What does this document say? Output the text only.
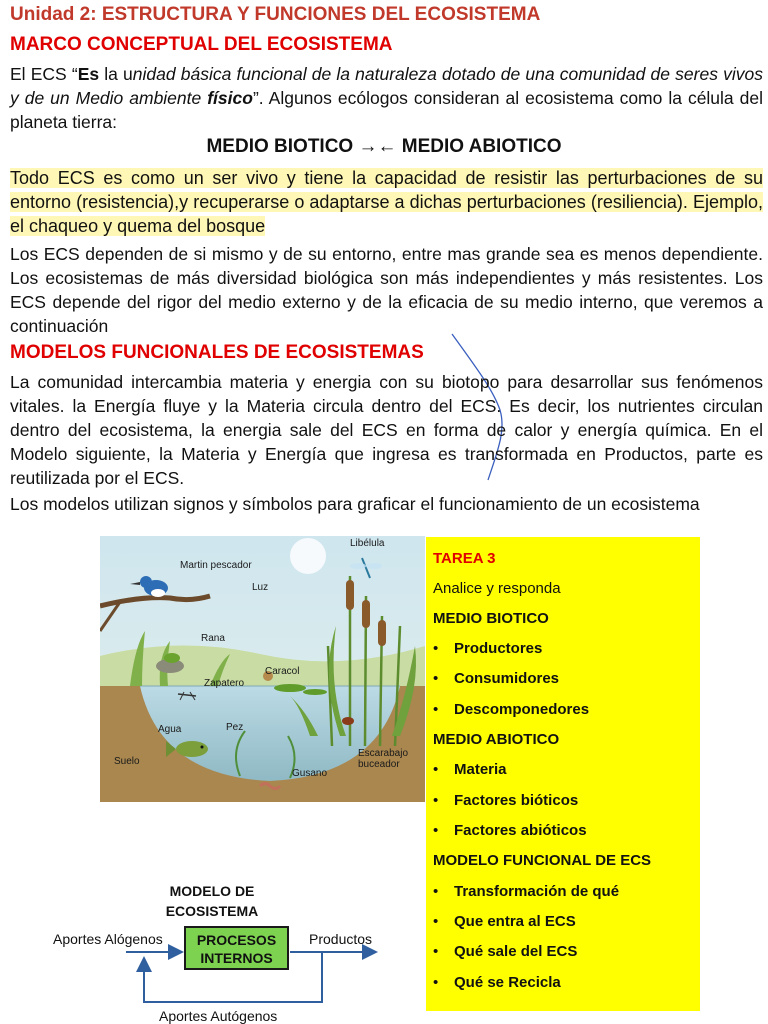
Unidad 2: ESTRUCTURA Y FUNCIONES DEL ECOSISTEMA
MARCO CONCEPTUAL DEL ECOSISTEMA
El ECS “Es la unidad básica funcional de la naturaleza dotado de una comunidad de seres vivos y de un Medio ambiente físico”. Algunos ecólogos consideran al ecosistema como la célula del planeta tierra:
MEDIO BIOTICO →← MEDIO ABIOTICO
Todo ECS es como un ser vivo y tiene la capacidad de resistir las perturbaciones de su entorno (resistencia),y recuperarse o adaptarse a dichas perturbaciones (resiliencia). Ejemplo, el chaqueo y quema del bosque
Los ECS dependen de si mismo y de su entorno, entre mas grande sea es menos dependiente. Los ecosistemas de más diversidad biológica son más independientes y más resistentes. Los ECS depende del rigor del medio externo y de la eficacia de su medio interno, que veremos a continuación
MODELOS FUNCIONALES DE ECOSISTEMAS
La comunidad intercambia materia y energia con su biotopo para desarrollar sus fenómenos vitales. la Energía fluye y la Materia circula dentro del ECS. Es decir, los nutrientes circulan dentro del ecosistema, la energia sale del ECS en forma de calor y energía química. En el Modelo siguiente, la Materia y Energía que ingresa es transformada en Productos, parte es reutilizada por el ECS.
Los modelos utilizan signos y símbolos para graficar el funcionamiento de un ecosistema
Libélula
Martin pescador
Luz
Rana
Caracol
Zapatero
Agua	Pez
Escarabajo
buceador
Suelo
Gusano
TAREA 3
Analice y responda
MEDIO BIOTICO
• Productores
• Consumidores
• Descomponedores
MEDIO ABIOTICO
• Materia
• Factores bióticos
• Factores abióticos
MODELO FUNCIONAL DE ECS
• Transformación de qué
• Que entra al ECS
• Qué sale del ECS
• Qué se Recicla
MODELO DE
ECOSISTEMA
PROCESOS
INTERNOS
Aportes Alógenos	Productos
Aportes Autógenos
